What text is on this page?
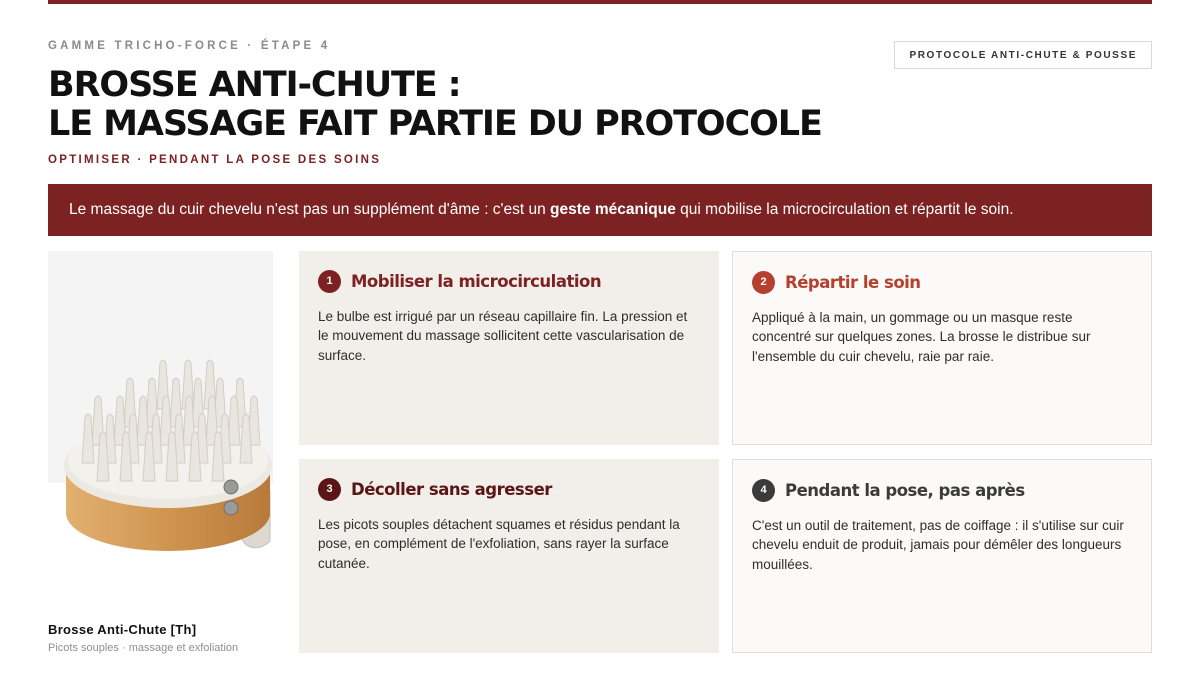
GAMME TRICHO-FORCE · ÉTAPE 4
PROTOCOLE ANTI-CHUTE & POUSSE
BROSSE ANTI-CHUTE :
LE MASSAGE FAIT PARTIE DU PROTOCOLE
OPTIMISER · PENDANT LA POSE DES SOINS
Le massage du cuir chevelu n'est pas un supplément d'âme : c'est un geste mécanique qui mobilise la microcirculation et répartit le soin.
Brosse Anti-Chute [Th]
Picots souples · massage et exfoliation
1	Mobiliser la microcirculation
Le bulbe est irrigué par un réseau capillaire fin. La pression et le mouvement du massage sollicitent cette vascularisation de surface.
2	Répartir le soin
Appliqué à la main, un gommage ou un masque reste concentré sur quelques zones. La brosse le distribue sur l'ensemble du cuir chevelu, raie par raie.
3	Décoller sans agresser
Les picots souples détachent squames et résidus pendant la pose, en complément de l'exfoliation, sans rayer la surface cutanée.
4	Pendant la pose, pas après
C'est un outil de traitement, pas de coiffage : il s'utilise sur cuir chevelu enduit de produit, jamais pour démêler des longueurs mouillées.
